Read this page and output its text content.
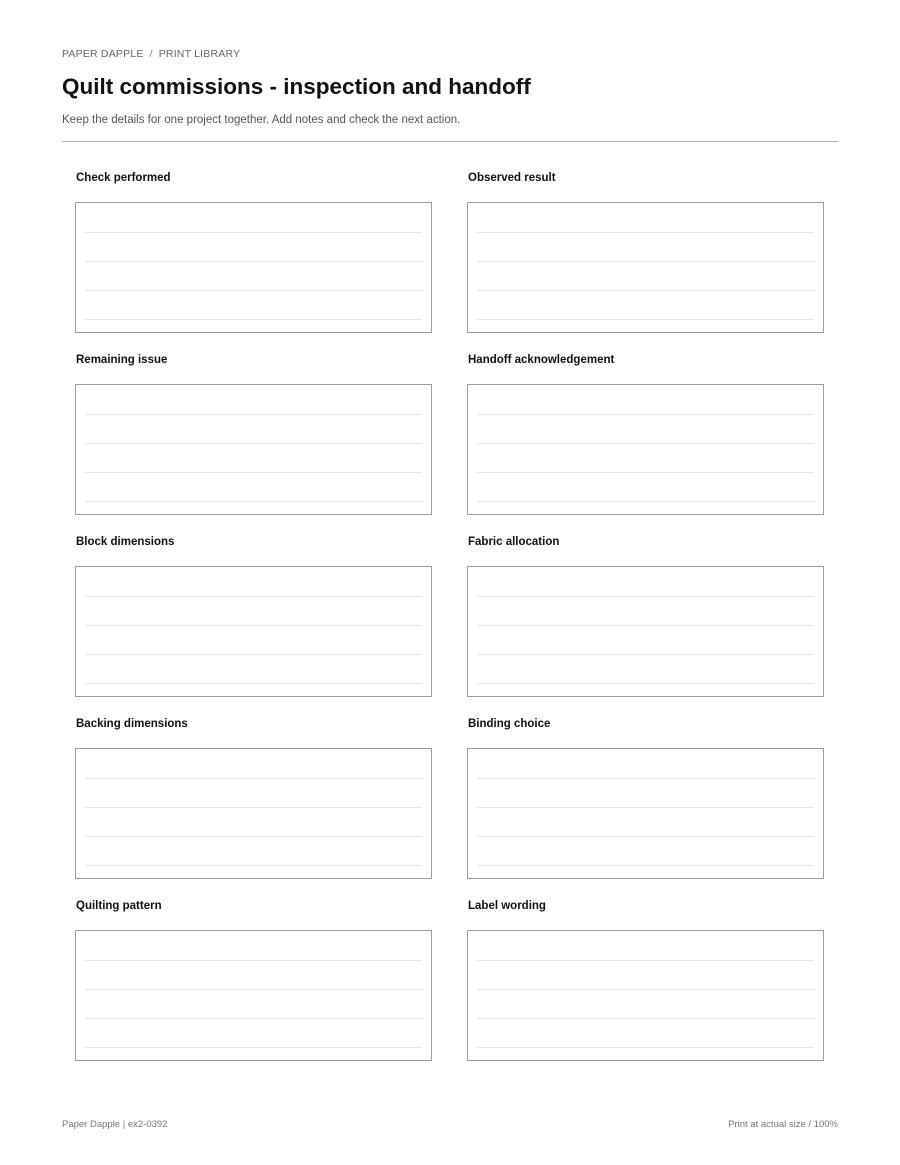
PAPER DAPPLE / PRINT LIBRARY
Quilt commissions - inspection and handoff
Keep the details for one project together. Add notes and check the next action.
Check performed	Observed result
Remaining issue	Handoff acknowledgement
Block dimensions	Fabric allocation
Backing dimensions	Binding choice
Quilting pattern	Label wording
Paper Dapple | ex2-0392	Print at actual size / 100%
